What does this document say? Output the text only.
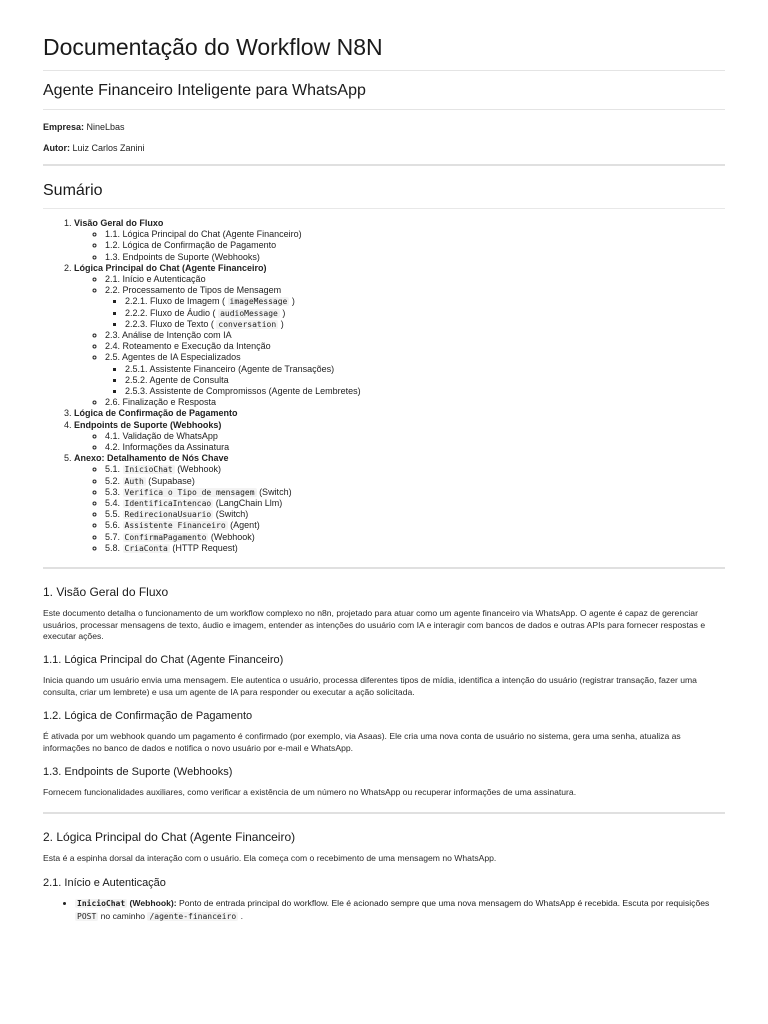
Documentação do Workflow N8N
Agente Financeiro Inteligente para WhatsApp

Empresa: NineLbas

Autor: Luiz Carlos Zanini

Sumário
1. Visão Geral do Fluxo
◦ 1.1. Lógica Principal do Chat (Agente Financeiro)
◦ 1.2. Lógica de Confirmação de Pagamento
◦ 1.3. Endpoints de Suporte (Webhooks)
2. Lógica Principal do Chat (Agente Financeiro)
◦ 2.1. Início e Autenticação
◦ 2.2. Processamento de Tipos de Mensagem
▪ 2.2.1. Fluxo de Imagem ( imageMessage )
▪ 2.2.2. Fluxo de Áudio ( audioMessage )
▪ 2.2.3. Fluxo de Texto ( conversation )
◦ 2.3. Análise de Intenção com IA
◦ 2.4. Roteamento e Execução da Intenção
◦ 2.5. Agentes de IA Especializados
▪ 2.5.1. Assistente Financeiro (Agente de Transações)
▪ 2.5.2. Agente de Consulta
▪ 2.5.3. Assistente de Compromissos (Agente de Lembretes)
◦ 2.6. Finalização e Resposta
3. Lógica de Confirmação de Pagamento
4. Endpoints de Suporte (Webhooks)
◦ 4.1. Validação de WhatsApp
◦ 4.2. Informações da Assinatura
5. Anexo: Detalhamento de Nós Chave
◦ 5.1. InicioChat (Webhook)
◦ 5.2. Auth (Supabase)
◦ 5.3. Verifica o Tipo de mensagem (Switch)
◦ 5.4. IdentificaIntencao (LangChain Llm)
◦ 5.5. RedirecionaUsuario (Switch)
◦ 5.6. Assistente Financeiro (Agent)
◦ 5.7. ConfirmaPagamento (Webhook)
◦ 5.8. CriaConta (HTTP Request)
1. Visão Geral do Fluxo

Este documento detalha o funcionamento de um workflow complexo no n8n, projetado para atuar como um agente financeiro via WhatsApp. O agente é capaz de gerenciar usuários, processar mensagens de texto, áudio e imagem, entender as intenções do usuário com IA e interagir com bancos de dados e outras APIs para fornecer respostas e executar ações.

1.1. Lógica Principal do Chat (Agente Financeiro)

Inicia quando um usuário envia uma mensagem. Ele autentica o usuário, processa diferentes tipos de mídia, identifica a intenção do usuário (registrar transação, fazer uma consulta, criar um lembrete) e usa um agente de IA para responder ou executar a ação solicitada.

1.2. Lógica de Confirmação de Pagamento

É ativada por um webhook quando um pagamento é confirmado (por exemplo, via Asaas). Ele cria uma nova conta de usuário no sistema, gera uma senha, atualiza as informações no banco de dados e notifica o novo usuário por e-mail e WhatsApp.

1.3. Endpoints de Suporte (Webhooks)

Fornecem funcionalidades auxiliares, como verificar a existência de um número no WhatsApp ou recuperar informações de uma assinatura.

2. Lógica Principal do Chat (Agente Financeiro)

Esta é a espinha dorsal da interação com o usuário. Ela começa com o recebimento de uma mensagem no WhatsApp.

2.1. Início e Autenticação
• InicioChat (Webhook): Ponto de entrada principal do workflow. Ele é acionado sempre que uma nova mensagem do WhatsApp é recebida. Escuta por requisições POST no caminho /agente-financeiro .
